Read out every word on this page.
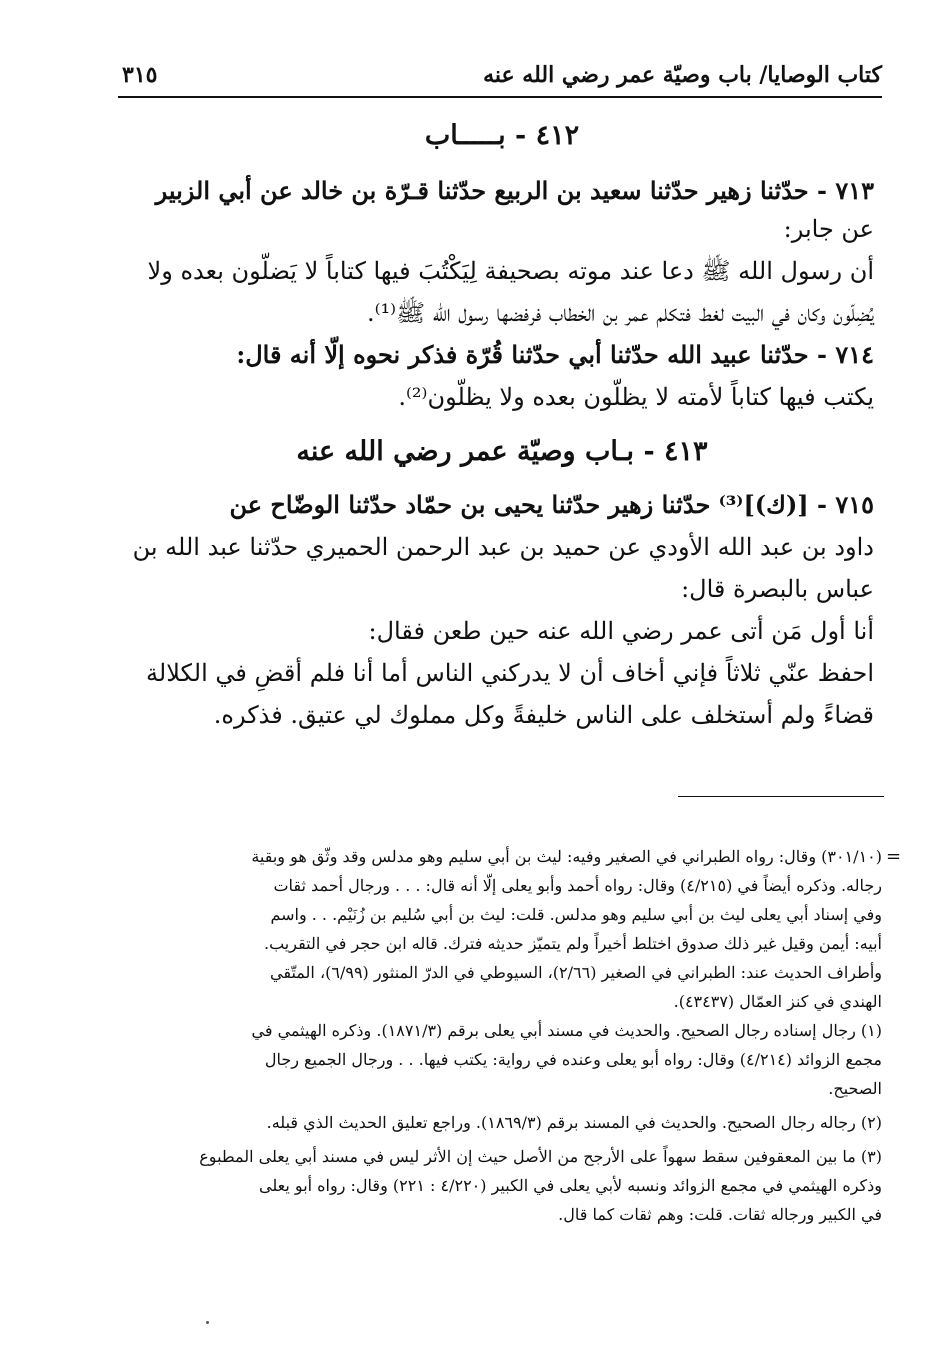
كتاب الوصايا/ باب وصيّة عمر رضي الله عنه
٣١٥
٤١٢ - بـــــاب
٧١٣ - حدّثنا زهير حدّثنا سعيد بن الربيع حدّثنا قـرّة بن خالد عن أبي الزبير
عن جابر:
أن رسول الله ﷺ دعا عند موته بصحيفة لِيَكْتُبَ فيها كتاباً لا يَضلّون بعده ولا
يُضِلّون وكان في البيت لغط فتكلم عمر بن الخطاب فرفضها رسول الله ﷺ⁽¹⁾.
٧١٤ - حدّثنا عبيد الله حدّثنا أبي حدّثنا قُرّة فذكر نحوه إلّا أنه قال:
يكتب فيها كتاباً لأمته لا يظلّون بعده ولا يظلّون⁽²⁾.
٤١٣ - بـاب وصيّة عمر رضي الله عنه
٧١٥ - [(ك)]⁽³⁾ حدّثنا زهير حدّثنا يحيى بن حمّاد حدّثنا الوضّاح عن
داود بن عبد الله الأودي عن حميد بن عبد الرحمن الحميري حدّثنا عبد الله بن
عباس بالبصرة قال:
أنا أول مَن أتى عمر رضي الله عنه حين طعن فقال:
احفظ عنّي ثلاثاً فإني أخاف أن لا يدركني الناس أما أنا فلم أقضِ في الكلالة
قضاءً ولم أستخلف على الناس خليفةً وكل مملوك لي عتيق. فذكره.
=
(٣٠١/١٠) وقال: رواه الطبراني في الصغير وفيه: ليث بن أبي سليم وهو مدلس وقد وثّق هو وبقية
رجاله. وذكره أيضاً في (٤/٢١٥) وقال: رواه أحمد وأبو يعلى إلّا أنه قال: . . . ورجال أحمد ثقات
وفي إسناد أبي يعلى ليث بن أبي سليم وهو مدلس. قلت: ليث بن أبي سُليم بن زُنَيْم. . . واسم
أبيه: أيمن وقيل غير ذلك صدوق اختلط أخيراً ولم يتميّز حديثه فترك. قاله ابن حجر في التقريب.
وأطراف الحديث عند: الطبراني في الصغير (٢/٦٦)، السيوطي في الدرّ المنثور (٦/٩٩)، المتّقي
الهندي في كنز العمّال (٤٣٤٣٧).
(١) رجال إسناده رجال الصحيح. والحديث في مسند أبي يعلى برقم (١٨٧١/٣). وذكره الهيثمي في
مجمع الزوائد (٤/٢١٤) وقال: رواه أبو يعلى وعنده في رواية: يكتب فيها. . . ورجال الجميع رجال
الصحيح.
(٢) رجاله رجال الصحيح. والحديث في المسند برقم (١٨٦٩/٣). وراجع تعليق الحديث الذي قبله.
(٣) ما بين المعقوفين سقط سهواً على الأرجح من الأصل حيث إن الأثر ليس في مسند أبي يعلى المطبوع
وذكره الهيثمي في مجمع الزوائد ونسبه لأبي يعلى في الكبير (٤/٢٢٠ : ٢٢١) وقال: رواه أبو يعلى
في الكبير ورجاله ثقات. قلت: وهم ثقات كما قال.
